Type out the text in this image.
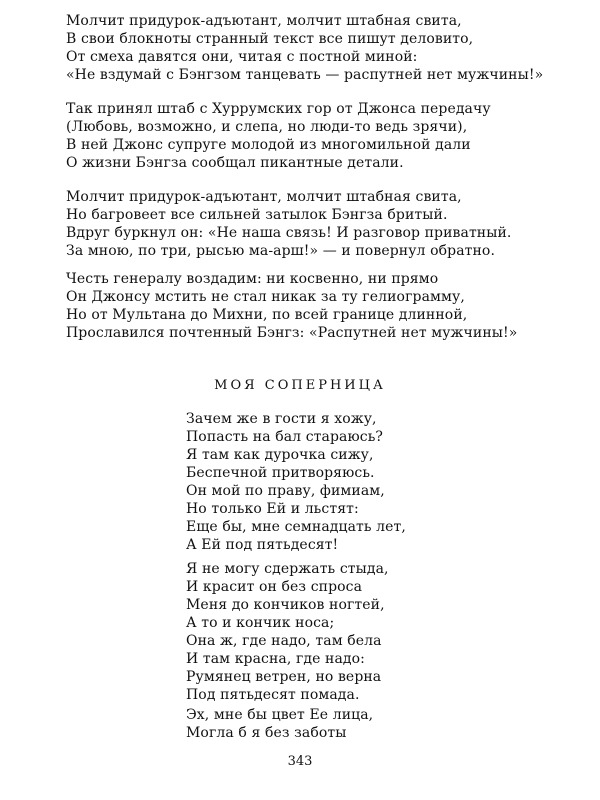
Молчит придурок-адъютант, молчит штабная свита,
В свои блокноты странный текст все пишут деловито,
От смеха давятся они, читая с постной миной:
«Не вздумай с Бэнгзом танцевать — распутней нет мужчины!»
Так принял штаб с Хуррумских гор от Джонса передачу
(Любовь, возможно, и слепа, но люди-то ведь зрячи),
В ней Джонс супруге молодой из многомильной дали
О жизни Бэнгза сообщал пикантные детали.
Молчит придурок-адъютант, молчит штабная свита,
Но багровеет все сильней затылок Бэнгза бритый.
Вдруг буркнул он: «Не наша связь! И разговор приватный.
За мною, по три, рысью ма-арш!» — и повернул обратно.
Честь генералу воздадим: ни косвенно, ни прямо
Он Джонсу мстить не стал никак за ту гелиограмму,
Но от Мультана до Михни, по всей границе длинной,
Прославился почтенный Бэнгз: «Распутней нет мужчины!»
МОЯ СОПЕРНИЦА
Зачем же в гости я хожу,
Попасть на бал стараюсь?
Я там как дурочка сижу,
Беспечной притворяюсь.
Он мой по праву, фимиам,
Но только Ей и льстят:
Еще бы, мне семнадцать лет,
А Ей под пятьдесят!
Я не могу сдержать стыда,
И красит он без спроса
Меня до кончиков ногтей,
А то и кончик носа;
Она ж, где надо, там бела
И там красна, где надо:
Румянец ветрен, но верна
Под пятьдесят помада.
Эх, мне бы цвет Ее лица,
Могла б я без заботы
343
